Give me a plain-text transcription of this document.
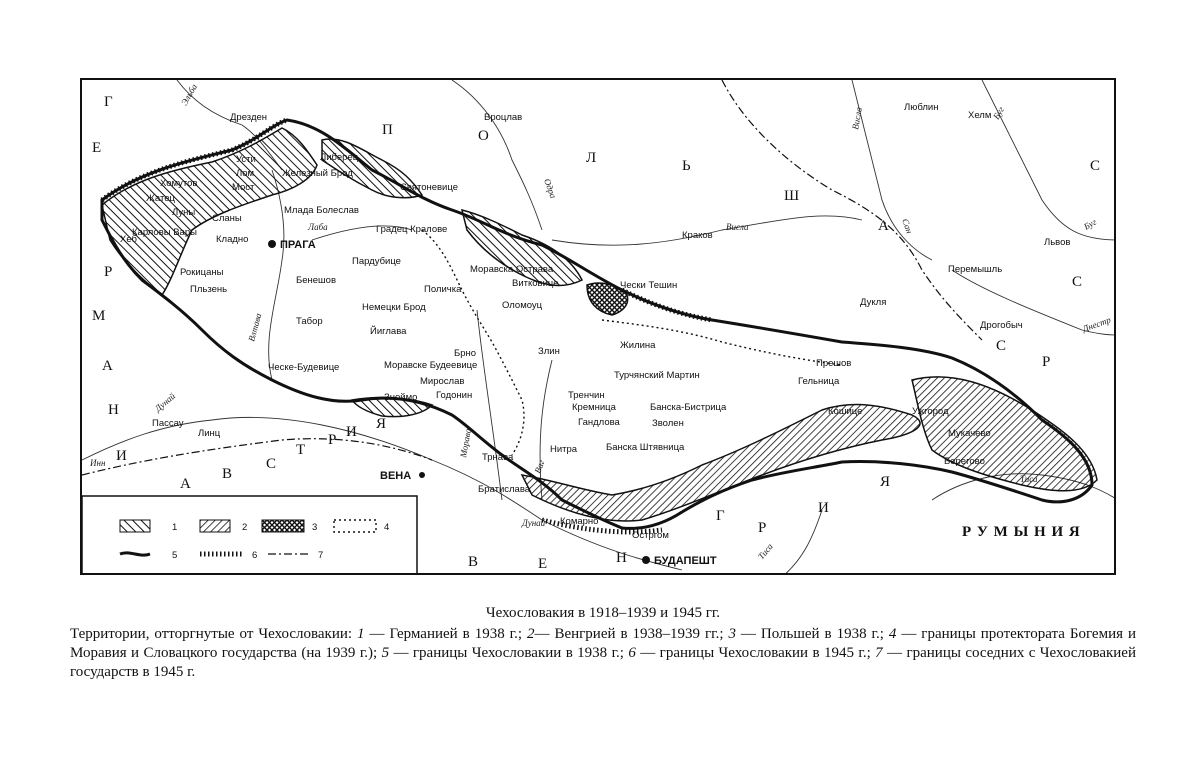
ПРАГА
ВЕНА
БУДАПЕШТ
Дрезден	Вроцлав
Люблин
Хелм
Либерец
Усти
Железный Брод
Лом
Мост
Хомутов
Жатец
Луны
Сланы
Карловы Вары
Кладно
Хеб
Млада Болеслав
Святоневице
Градец Кралове
Пардубице
Рокицаны
Пльзень
Бенешов
Немецки Брод
Поличка
Табор
Йиглава
Моравска Острава
Витковице
Оломоуц
Чески Тешин
Краков
Перемышль
Львов
Дукля
Дрогобыч
Брно	Злин
Ческе-Будевице	Моравске Будеевице
Мирослав
Зноймо Годонин
Жилина
Турчянский Мартин
Тренчин
Кремница	Банска-Бистрица
Гандлова	Зволен
Банска Штявница
Нитра
Трнава
Братислава
Комарно
Остргом
Прешов
Гельница
Кошице	Ужгород
Мукачево
Берегово
Пассау
Линц
Г
Е
Р
М
А
Н
И
П	О
Л	Ь
Ш
А
С
С
С
Р
А
В
С
Т
Р И Я
В	Е	Н
Г
Р
И
Я
Р У М Ы Н И Я
Эльба
Лаба
Влтава
Одра
Висла
Висла
Буг
Буг
Сан
Днестр
Дунай
Инн
Морава
Ваг
Дунай
Тиса
Тиса
1	2	3	4
5	6	7
Чехословакия в 1918–1939 и 1945 гг.
Территории, отторгнутые от Чехословакии: 1 — Германией в 1938 г.; 2— Венгрией в 1938–1939 гг.; 3 — Польшей в 1938 г.; 4 — границы протектората Богемия и Моравия и Словацкого государства (на 1939 г.); 5 — границы Чехословакии в 1938 г.; 6 — границы Чехословакии в 1945 г.; 7 — границы соседних с Чехословакией государств в 1945 г.
